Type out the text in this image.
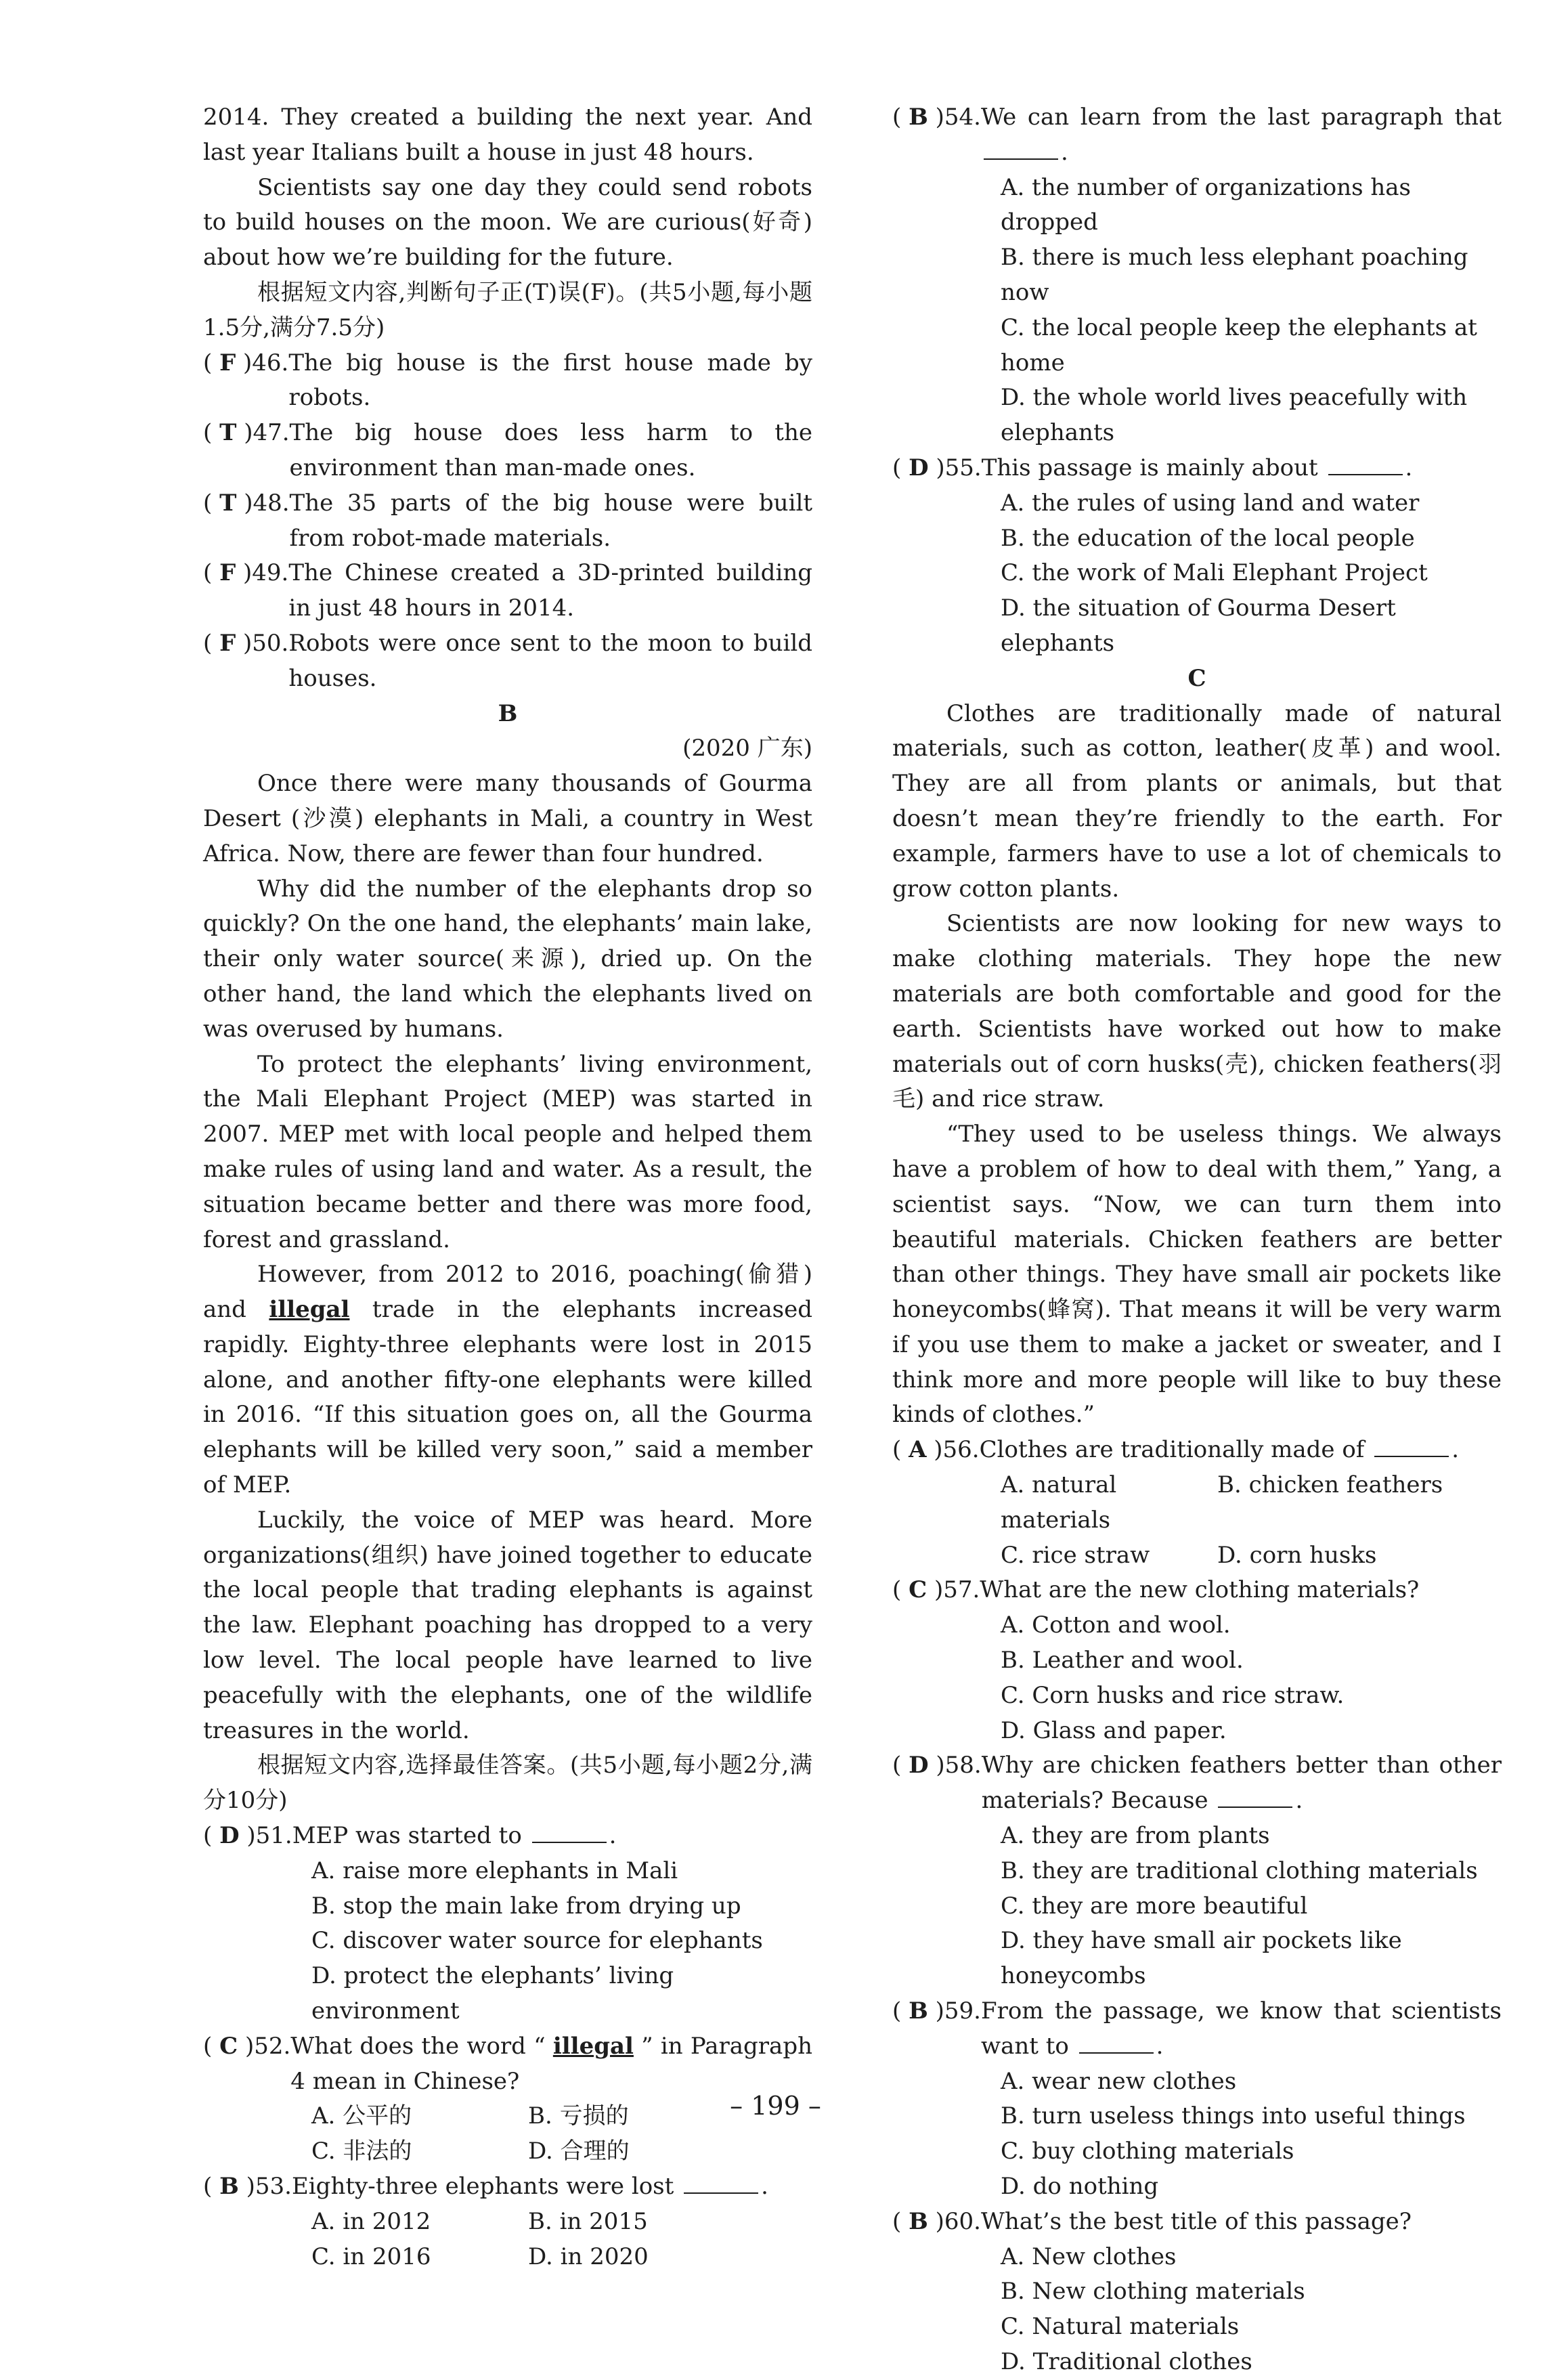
2014. They created a building the next year. And last year Italians built a house in just 48 hours.
Scientists say one day they could send robots to build houses on the moon. We are curious(好奇) about how we’re building for the future.
根据短文内容,判断句子正(T)误(F)。(共5小题,每小题1.5分,满分7.5分)
( F )46. The big house is the first house made by robots.
( T )47. The big house does less harm to the environment than man-made ones.
( T )48. The 35 parts of the big house were built from robot-made materials.
( F )49. The Chinese created a 3D-printed building in just 48 hours in 2014.
( F )50. Robots were once sent to the moon to build houses.
B
(2020 广东)
Once there were many thousands of Gourma Desert (沙漠) elephants in Mali, a country in West Africa. Now, there are fewer than four hundred.
Why did the number of the elephants drop so quickly? On the one hand, the elephants’ main lake, their only water source(来源), dried up. On the other hand, the land which the elephants lived on was overused by humans.
To protect the elephants’ living environment, the Mali Elephant Project (MEP) was started in 2007. MEP met with local people and helped them make rules of using land and water. As a result, the situation became better and there was more food, forest and grassland.
However, from 2012 to 2016, poaching(偷猎) and illegal trade in the elephants increased rapidly. Eighty-three elephants were lost in 2015 alone, and another fifty-one elephants were killed in 2016. “If this situation goes on, all the Gourma elephants will be killed very soon,” said a member of MEP.
Luckily, the voice of MEP was heard. More organizations(组织) have joined together to educate the local people that trading elephants is against the law. Elephant poaching has dropped to a very low level. The local people have learned to live peacefully with the elephants, one of the wildlife treasures in the world.
根据短文内容,选择最佳答案。(共5小题,每小题2分,满分10分)
( D )51. MEP was started to	.
A. raise more elephants in Mali
B. stop the main lake from drying up
C. discover water source for elephants
D. protect the elephants’ living environment
( C )52. What does the word “ illegal ” in Paragraph 4 mean in Chinese?
A. 公平的	B. 亏损的
C. 非法的	D. 合理的
( B )53. Eighty-three elephants were lost	.
A. in 2012	B. in 2015
C. in 2016	D. in 2020
( B )54. We can learn from the last paragraph that .
A. the number of organizations has dropped
B. there is much less elephant poaching now
C. the local people keep the elephants at home
D. the whole world lives peacefully with elephants
( D )55. This passage is mainly about	.
A. the rules of using land and water
B. the education of the local people
C. the work of Mali Elephant Project
D. the situation of Gourma Desert elephants
C
Clothes are traditionally made of natural materials, such as cotton, leather(皮革) and wool. They are all from plants or animals, but that doesn’t mean they’re friendly to the earth. For example, farmers have to use a lot of chemicals to grow cotton plants.
Scientists are now looking for new ways to make clothing materials. They hope the new materials are both comfortable and good for the earth. Scientists have worked out how to make materials out of corn husks(壳), chicken feathers(羽毛) and rice straw.
“They used to be useless things. We always have a problem of how to deal with them,” Yang, a scientist says. “Now, we can turn them into beautiful materials. Chicken feathers are better than other things. They have small air pockets like honeycombs(蜂窝). That means it will be very warm if you use them to make a jacket or sweater, and I think more and more people will like to buy these kinds of clothes.”
( A )56. Clothes are traditionally made of	.
A. natural materials
B. chicken feathers
C. rice straw	D. corn husks
( C )57. What are the new clothing materials?
A. Cotton and wool.
B. Leather and wool.
C. Corn husks and rice straw.
D. Glass and paper.
( D )58. Why are chicken feathers better than other materials? Because	.
A. they are from plants
B. they are traditional clothing materials
C. they are more beautiful
D. they have small air pockets like honeycombs
( B )59. From the passage, we know that scientists want to	.
A. wear new clothes
B. turn useless things into useful things
C. buy clothing materials
D. do nothing
( B )60. What’s the best title of this passage?
A. New clothes
B. New clothing materials
C. Natural materials
D. Traditional clothes
– 199 –
